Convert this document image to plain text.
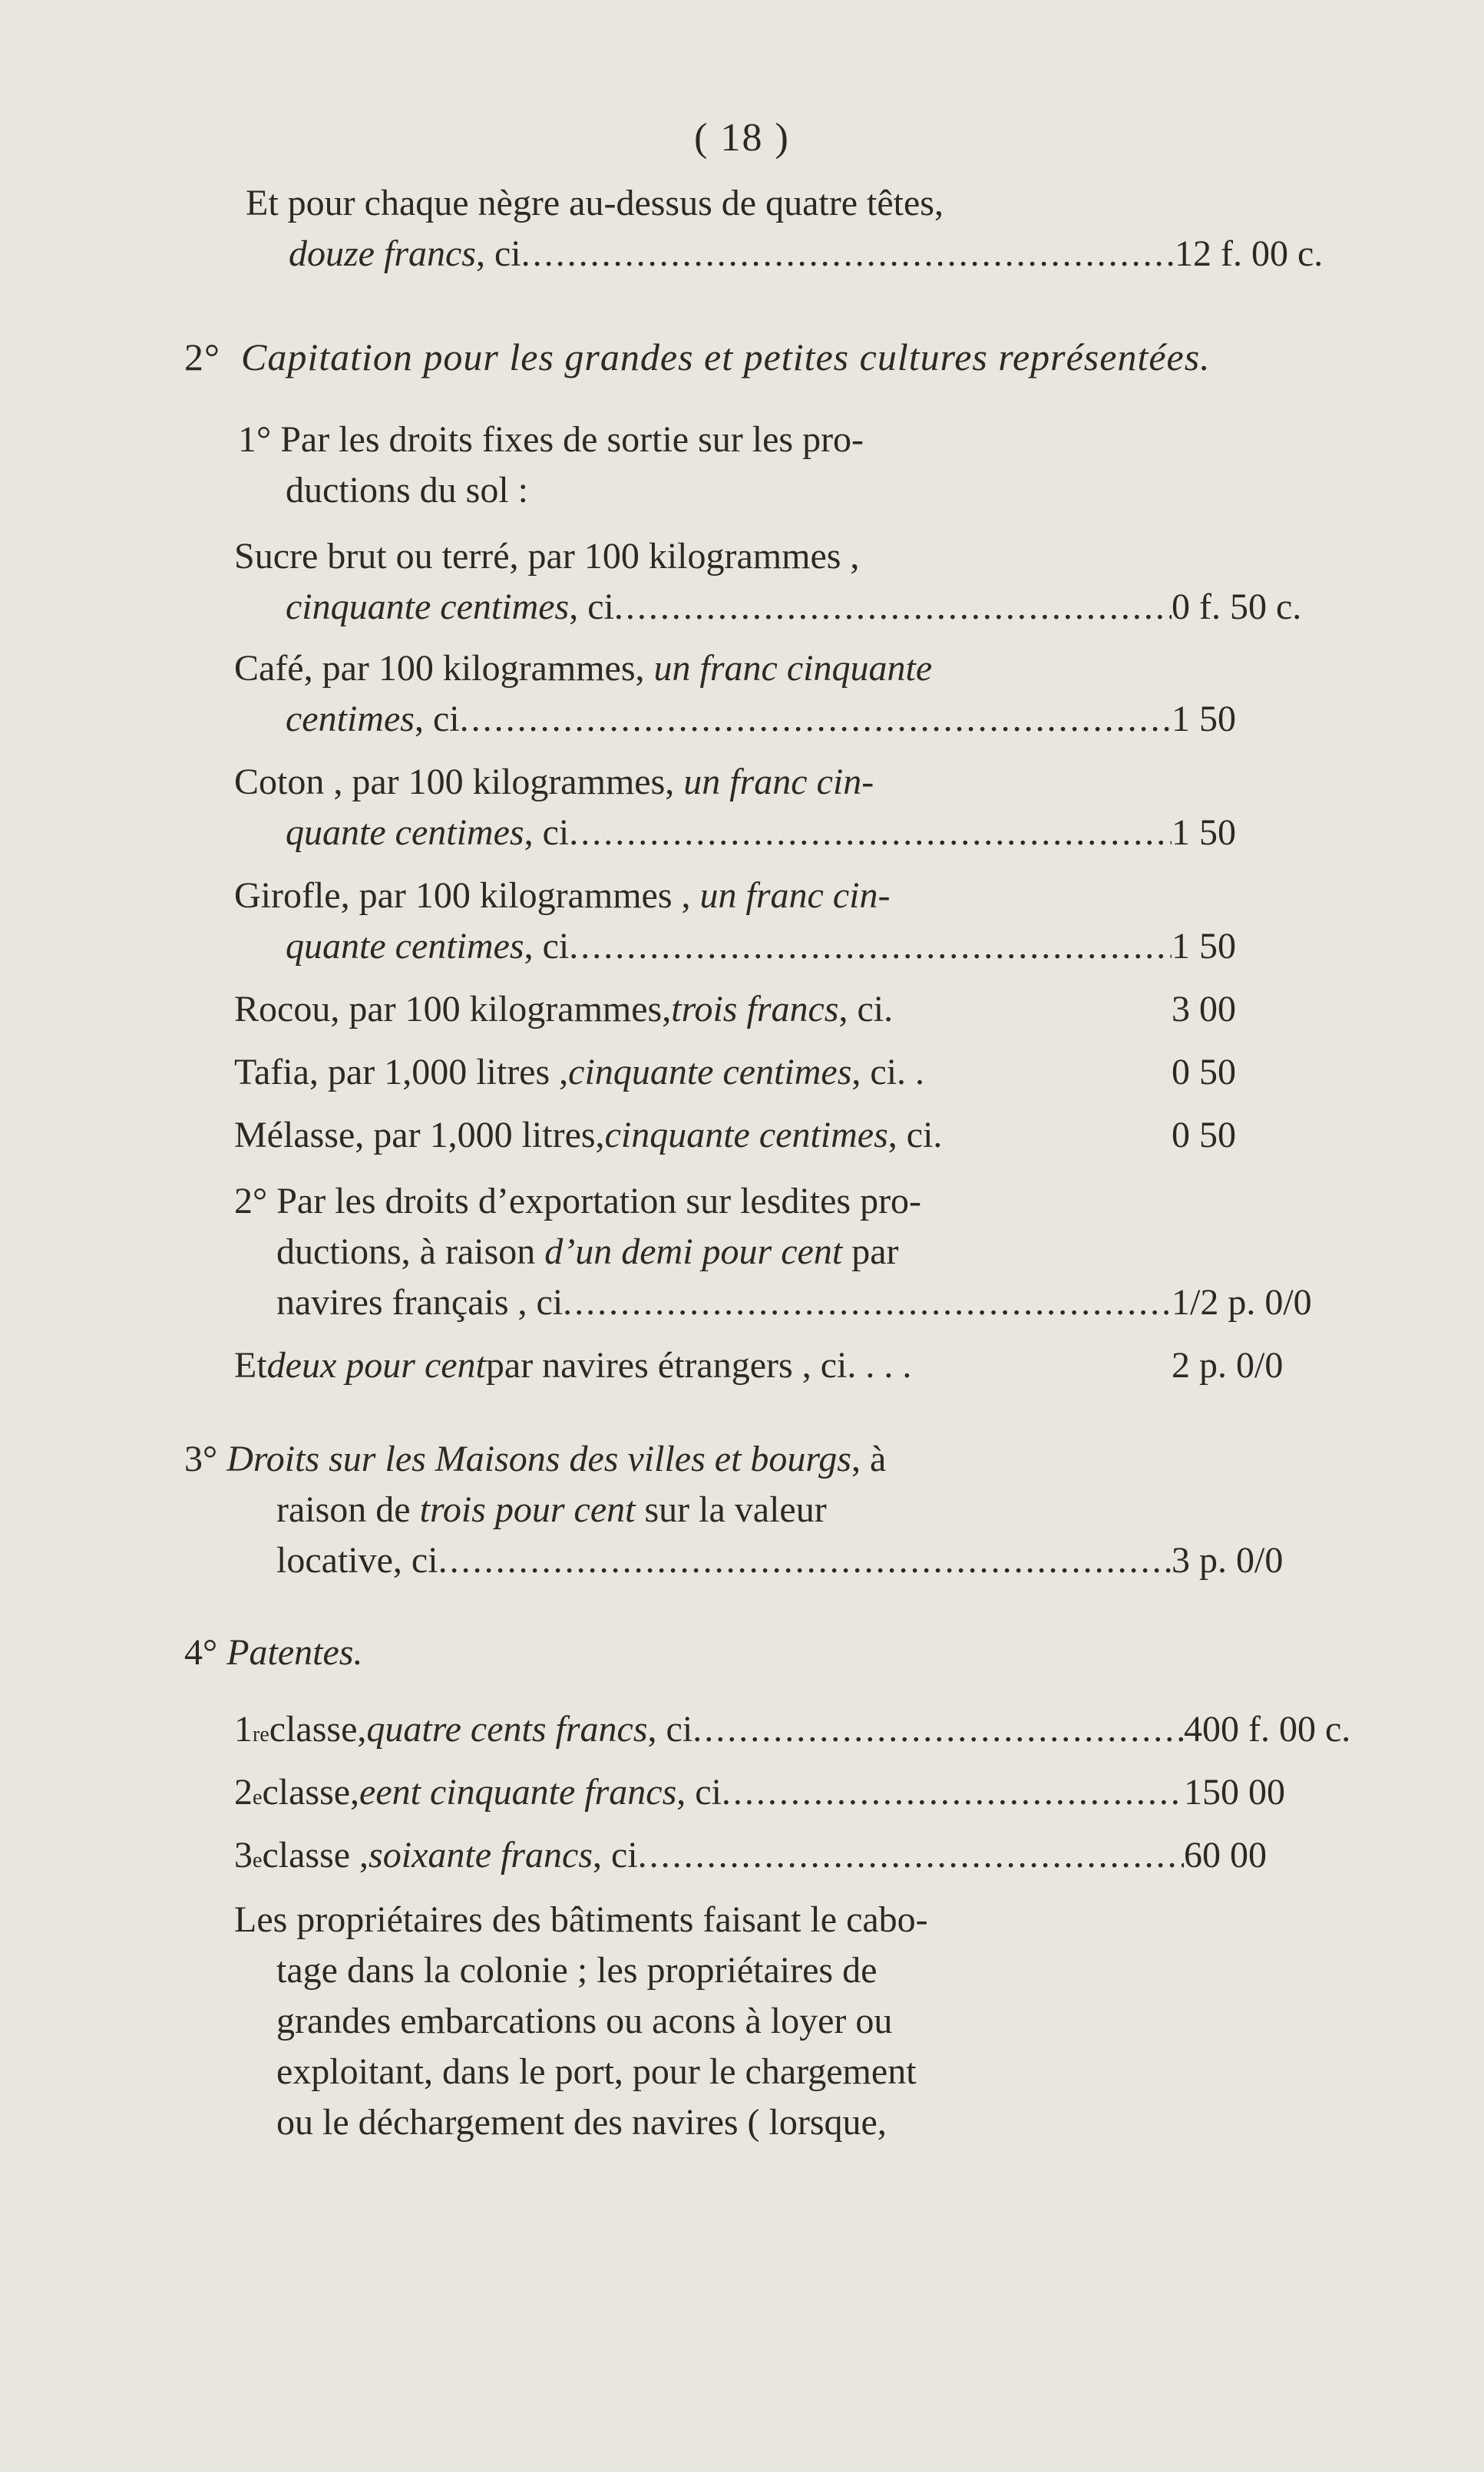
( 18 )
Et pour chaque nègre au-dessus de quatre têtes,
douze francs , ci .....	12 f. 00 c.
2° Capitation pour les grandes et petites cultures représentées.
1° Par les droits fixes de sortie sur les pro-
ductions du sol :
Sucre brut ou terré, par 100 kilogrammes ,
cinquante centimes , ci .....	0 f. 50 c.
Café, par 100 kilogrammes, un franc cinquante
centimes , ci .....	1 50
Coton , par 100 kilogrammes, un franc cin-
quante centimes , ci .....	1 50
Girofle, par 100 kilogrammes , un franc cin-
quante centimes , ci .....	1 50
Rocou, par 100 kilogrammes, trois francs , ci.	3 00
Tafia, par 1,000 litres , cinquante centimes , ci. .	0 50
Mélasse, par 1,000 litres, cinquante centimes , ci.	0 50
2° Par les droits d’exportation sur lesdites pro-
ductions, à raison d’un demi pour cent par
navires français , ci .....	1/2 p. 0/0
Et deux pour cent par navires étrangers , ci. . . .	2 p. 0/0
3° Droits sur les Maisons des villes et bourgs, à
raison de trois pour cent sur la valeur
locative, ci .....	3 p. 0/0
4° Patentes.
1 re classe, quatre cents francs , ci .....	400 f. 00 c.
2 e classe, eent cinquante francs , ci .....	150 00
3 e classe , soixante francs , ci .....	60 00
Les propriétaires des bâtiments faisant le cabo-
tage dans la colonie ; les propriétaires de
grandes embarcations ou acons à loyer ou
exploitant, dans le port, pour le chargement
ou le déchargement des navires ( lorsque,
